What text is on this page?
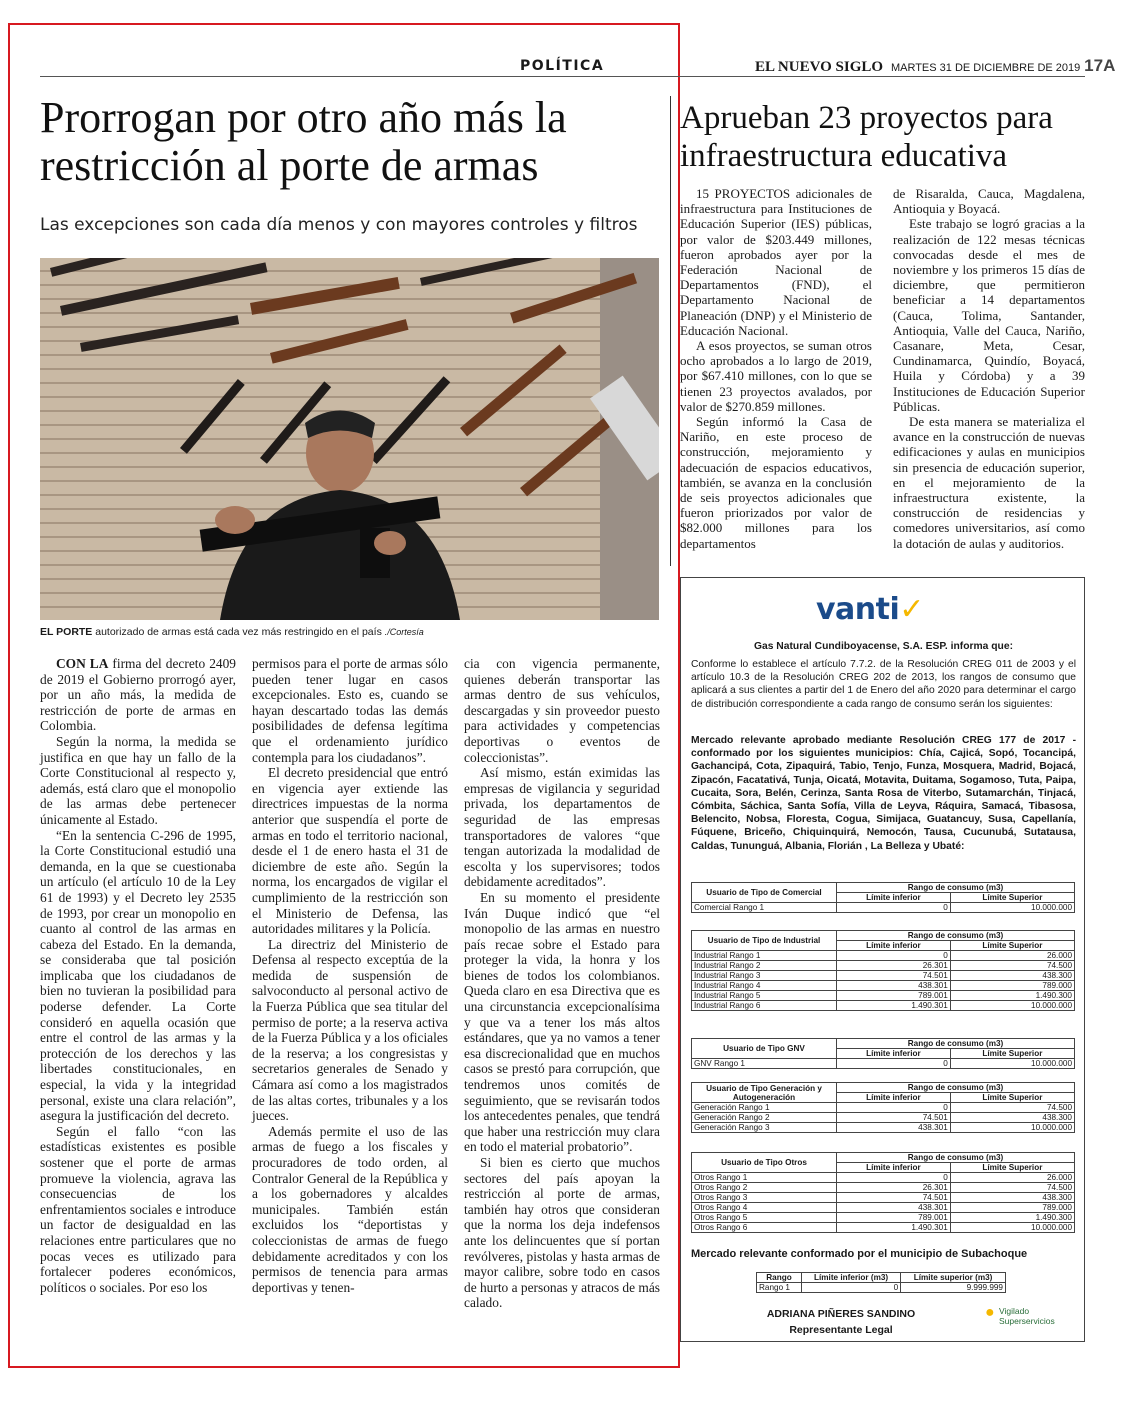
POLÍTICA	EL NUEVO SIGLO MARTES 31 DE DICIEMBRE DE 2019 17A
Prorrogan por otro año más la restricción al porte de armas
Las excepciones son cada día menos y con mayores controles y filtros
EL PORTE autorizado de armas está cada vez más restringido en el país ./Cortesía

CON LA firma del decreto 2409 de 2019 el Gobierno prorrogó ayer, por un año más, la medida de restricción de porte de armas en Colombia.

Según la norma, la medida se justifica en que hay un fallo de la Corte Constitucional al respecto y, además, está claro que el monopolio de las armas debe pertenecer únicamente al Estado.

“En la sentencia C-296 de 1995, la Corte Constitucional estudió una demanda, en la que se cuestionaba un artículo (el artículo 10 de la Ley 61 de 1993) y el Decreto ley 2535 de 1993, por crear un monopolio en cuanto al control de las armas en cabeza del Estado. En la demanda, se consideraba que tal posición implicaba que los ciudadanos de bien no tuvieran la posibilidad para poderse defender. La Corte consideró en aquella ocasión que entre el control de las armas y la protección de los derechos y las libertades constitucionales, en especial, la vida y la integridad personal, existe una clara relación”, asegura la justificación del decreto.

Según el fallo “con las estadísticas existentes es posible sostener que el porte de armas promueve la violencia, agrava las consecuencias de los enfrentamientos sociales e introduce un factor de desigualdad en las relaciones entre particulares que no pocas veces es utilizado para fortalecer poderes económicos, políticos o sociales. Por eso los

permisos para el porte de armas sólo pueden tener lugar en casos excepcionales. Esto es, cuando se hayan descartado todas las demás posibilidades de defensa legítima que el ordenamiento jurídico contempla para los ciudadanos”.

El decreto presidencial que entró en vigencia ayer extiende las directrices impuestas de la norma anterior que suspendía el porte de armas en todo el territorio nacional, desde el 1 de enero hasta el 31 de diciembre de este año. Según la norma, los encargados de vigilar el cumplimiento de la restricción son el Ministerio de Defensa, las autoridades militares y la Policía.

La directriz del Ministerio de Defensa al respecto exceptúa de la medida de suspensión de salvoconducto al personal activo de la Fuerza Pública que sea titular del permiso de porte; a la reserva activa de la Fuerza Pública y a los oficiales de la reserva; a los congresistas y secretarios generales de Senado y Cámara así como a los magistrados de las altas cortes, tribunales y a los jueces.

Además permite el uso de las armas de fuego a los fiscales y procuradores de todo orden, al Contralor General de la República y a los gobernadores y alcaldes municipales. También están excluidos los “deportistas y coleccionistas de armas de fuego debidamente acreditados y con los permisos de tenencia para armas deportivas y tenen-

cia con vigencia permanente, quienes deberán transportar las armas dentro de sus vehículos, descargadas y sin proveedor puesto para actividades y competencias deportivas o eventos de coleccionistas”.

Así mismo, están eximidas las empresas de vigilancia y seguridad privada, los departamentos de seguridad de las empresas transportadores de valores “que tengan autorizada la modalidad de escolta y los supervisores; todos debidamente acreditados”.

En su momento el presidente Iván Duque indicó que “el monopolio de las armas en nuestro país recae sobre el Estado para proteger la vida, la honra y los bienes de todos los colombianos. Queda claro en esa Directiva que es una circunstancia excepcionalísima y que va a tener los más altos estándares, que ya no vamos a tener esa discrecionalidad que en muchos casos se prestó para corrupción, que tendremos unos comités de seguimiento, que se revisarán todos los antecedentes penales, que tendrá que haber una restricción muy clara en todo el material probatorio”.

Si bien es cierto que muchos sectores del país apoyan la restricción al porte de armas, también hay otros que consideran que la norma los deja indefensos ante los delincuentes que sí portan revólveres, pistolas y hasta armas de mayor calibre, sobre todo en casos de hurto a personas y atracos de más calado.

Aprueban 23 proyectos para infraestructura educativa

15 PROYECTOS adicionales de infraestructura para Instituciones de Educación Superior (IES) públicas, por valor de $203.449 millones, fueron aprobados ayer por la Federación Nacional de Departamentos (FND), el Departamento Nacional de Planeación (DNP) y el Ministerio de Educación Nacional.

A esos proyectos, se suman otros ocho aprobados a lo largo de 2019, por $67.410 millones, con lo que se tienen 23 proyectos avalados, por valor de $270.859 millones.

Según informó la Casa de Nariño, en este proceso de construcción, mejoramiento y adecuación de espacios educativos, también, se avanza en la conclusión de seis proyectos adicionales que fueron priorizados por valor de $82.000 millones para los departamentos

de Risaralda, Cauca, Magdalena, Antioquia y Boyacá.

Este trabajo se logró gracias a la realización de 122 mesas técnicas convocadas desde el mes de noviembre y los primeros 15 días de diciembre, que permitieron beneficiar a 14 departamentos (Cauca, Tolima, Santander, Antioquia, Valle del Cauca, Nariño, Casanare, Meta, Cesar, Cundinamarca, Quindío, Boyacá, Huila y Córdoba) y a 39 Instituciones de Educación Superior Públicas.

De esta manera se materializa el avance en la construcción de nuevas edificaciones y aulas en municipios sin presencia de educación superior, en el mejoramiento de la infraestructura existente, la construcción de residencias y comedores universitarios, así como la dotación de aulas y auditorios.

vanti✓
Gas Natural Cundiboyacense, S.A. ESP. informa que:
Conforme lo establece el artículo 7.7.2. de la Resolución CREG 011 de 2003 y el artículo 10.3 de la Resolución CREG 202 de 2013, los rangos de consumo que aplicará a sus clientes a partir del 1 de Enero del año 2020 para determinar el cargo de distribución correspondiente a cada rango de consumo serán los siguientes:
Mercado relevante aprobado mediante Resolución CREG 177 de 2017 - conformado por los siguientes municipios: Chía, Cajicá, Sopó, Tocancipá, Gachancipá, Cota, Zipaquirá, Tabio, Tenjo, Funza, Mosquera, Madrid, Bojacá, Zipacón, Facatativá, Tunja, Oicatá, Motavita, Duitama, Sogamoso, Tuta, Paipa, Cucaita, Sora, Belén, Cerinza, Santa Rosa de Viterbo, Sutamarchán, Tinjacá, Cómbita, Sáchica, Santa Sofía, Villa de Leyva, Ráquira, Samacá, Tibasosa, Belencito, Nobsa, Floresta, Cogua, Simijaca, Guatancuy, Susa, Capellanía, Fúquene, Briceño, Chiquinquirá, Nemocón, Tausa, Cucunubá, Sutatausa, Caldas, Tununguá, Albania, Florián , La Belleza y Ubaté:
Usuario de Tipo de Comercial	Rango de consumo (m3)	
	Límite inferior	Límite Superior
Comercial Rango 1	0	10.000.000
Usuario de Tipo de Industrial	Rango de consumo (m3)	
	Límite inferior	Límite Superior
Industrial Rango 1	0	26.000
Industrial Rango 2	26.301	74.500
Industrial Rango 3	74.501	438.300
Industrial Rango 4	438.301	789.000
Industrial Rango 5	789.001	1.490.300
Industrial Rango 6	1.490.301	10.000.000
Usuario de Tipo GNV	Rango de consumo (m3)	
	Límite inferior	Límite Superior
GNV Rango 1	0	10.000.000
Usuario de Tipo Generación y Autogeneración	Rango de consumo (m3)	
	Límite inferior	Límite Superior
Generación Rango 1	0	74.500
Generación Rango 2	74.501	438.300
Generación Rango 3	438.301	10.000.000
Usuario de Tipo Otros	Rango de consumo (m3)	
	Límite inferior	Límite Superior
Otros Rango 1	0	26.000
Otros Rango 2	26.301	74.500
Otros Rango 3	74.501	438.300
Otros Rango 4	438.301	789.000
Otros Rango 5	789.001	1.490.300
Otros Rango 6	1.490.301	10.000.000
Mercado relevante conformado por el municipio de Subachoque
Rango	Límite inferior (m3)	Límite superior (m3)
Rango 1	0	9.999.999
ADRIANA PIÑERES SANDINO
Representante Legal
● Vigilado
Superservicios
